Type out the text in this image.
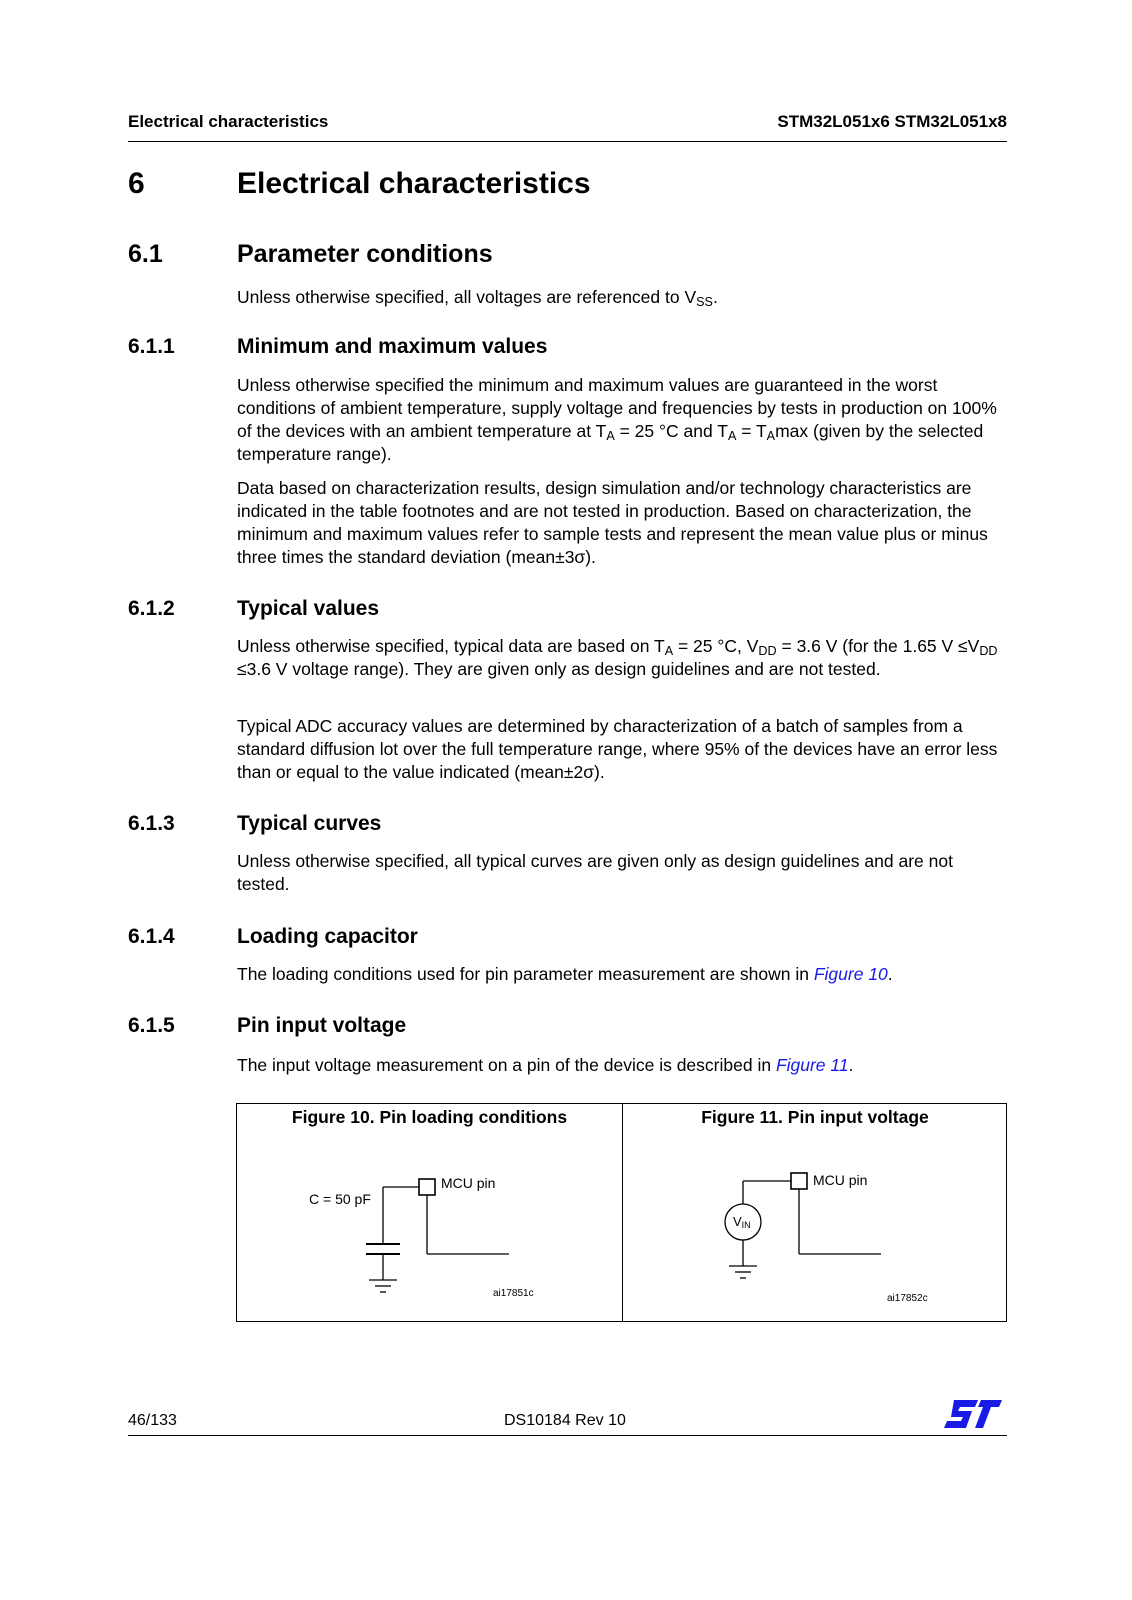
Electrical characteristics	STM32L051x6 STM32L051x8
6	Electrical characteristics
6.1	Parameter conditions

Unless otherwise specified, all voltages are referenced to $V_{SS}$.

6.1.1	Minimum and maximum values

Unless otherwise specified the minimum and maximum values are guaranteed in the worst conditions of ambient temperature, supply voltage and frequencies by tests in production on 100% of the devices with an ambient temperature at $T_A = 25$ °C and $T_A = T_A\max$ (given by the selected temperature range).

Data based on characterization results, design simulation and/or technology characteristics are indicated in the table footnotes and are not tested in production. Based on characterization, the minimum and maximum values refer to sample tests and represent the mean value plus or minus three times the standard deviation (mean±3σ).

6.1.2	Typical values

Unless otherwise specified, typical data are based on $T_A = 25$ °C, $V_{DD} = 3.6$ V (for the 1.65 $V \le V_{DD} \le 3.6$ V voltage range). They are given only as design guidelines and are not tested.

Typical ADC accuracy values are determined by characterization of a batch of samples from a standard diffusion lot over the full temperature range, where 95% of the devices have an error less than or equal to the value indicated (mean±2σ).

6.1.3	Typical curves

Unless otherwise specified, all typical curves are given only as design guidelines and are not tested.

6.1.4	Loading capacitor

The loading conditions used for pin parameter measurement are shown in Figure 10.

6.1.5	Pin input voltage

The input voltage measurement on a pin of the device is described in Figure 11.

Figure 10. Pin loading conditions
C = 50 pF
MCU pin
ai17851c
Figure 11. Pin input voltage
VIN
MCU pin
ai17852c
46/133	DS10184 Rev 10
